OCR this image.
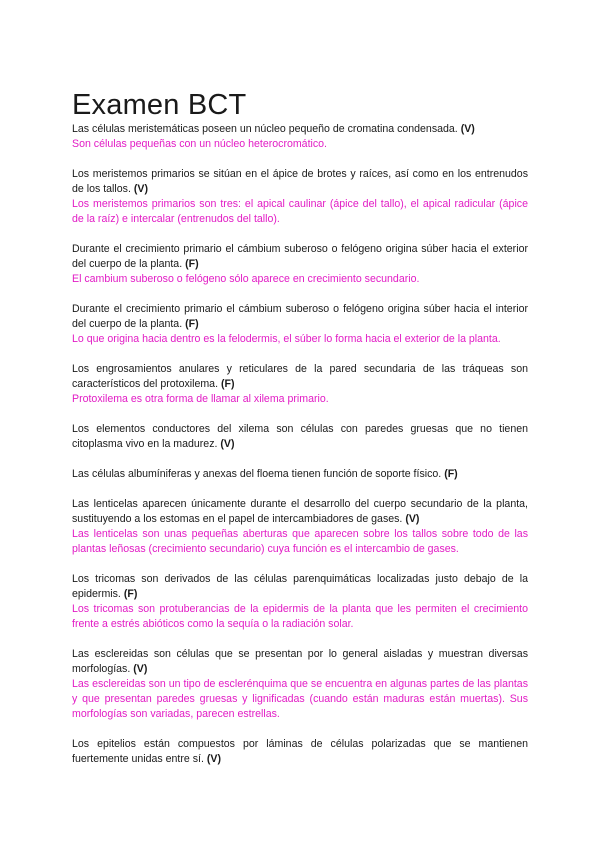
Examen BCT

Las células meristemáticas poseen un núcleo pequeño de cromatina condensada. (V)

Son células pequeñas con un núcleo heterocromático.

Los meristemos primarios se sitúan en el ápice de brotes y raíces, así como en los entrenudos de los tallos. (V)

Los meristemos primarios son tres: el apical caulinar (ápice del tallo), el apical radicular (ápice de la raíz) e intercalar (entrenudos del tallo).

Durante el crecimiento primario el cámbium suberoso o felógeno origina súber hacia el exterior del cuerpo de la planta. (F)

El cambium suberoso o felógeno sólo aparece en crecimiento secundario.

Durante el crecimiento primario el cámbium suberoso o felógeno origina súber hacia el interior del cuerpo de la planta. (F)

Lo que origina hacia dentro es la felodermis, el súber lo forma hacia el exterior de la planta.

Los engrosamientos anulares y reticulares de la pared secundaria de las tráqueas son característicos del protoxilema. (F)

Protoxilema es otra forma de llamar al xilema primario.

Los elementos conductores del xilema son células con paredes gruesas que no tienen citoplasma vivo en la madurez. (V)

Las células albumíniferas y anexas del floema tienen función de soporte físico. (F)

Las lenticelas aparecen únicamente durante el desarrollo del cuerpo secundario de la planta, sustituyendo a los estomas en el papel de intercambiadores de gases. (V)

Las lenticelas son unas pequeñas aberturas que aparecen sobre los tallos sobre todo de las plantas leñosas (crecimiento secundario) cuya función es el intercambio de gases.

Los tricomas son derivados de las células parenquimáticas localizadas justo debajo de la epidermis. (F)

Los tricomas son protuberancias de la epidermis de la planta que les permiten el crecimiento frente a estrés abióticos como la sequía o la radiación solar.

Las esclereidas son células que se presentan por lo general aisladas y muestran diversas morfologías. (V)

Las esclereidas son un tipo de esclerénquima que se encuentra en algunas partes de las plantas y que presentan paredes gruesas y lignificadas (cuando están maduras están muertas). Sus morfologías son variadas, parecen estrellas.

Los epitelios están compuestos por láminas de células polarizadas que se mantienen fuertemente unidas entre sí. (V)
